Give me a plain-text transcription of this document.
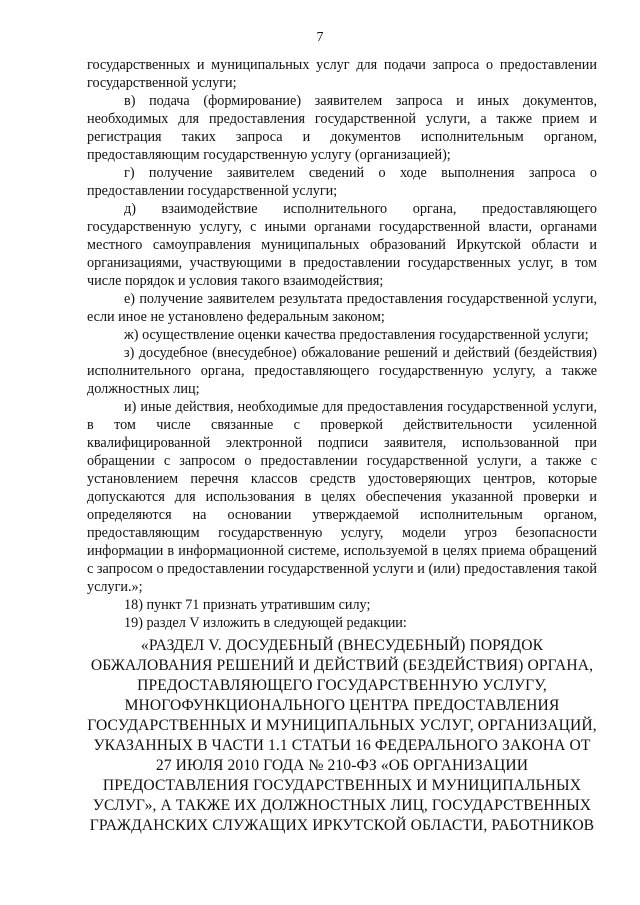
7

государственных и муниципальных услуг для подачи запроса о предоставлении государственной услуги;

в) подача (формирование) заявителем запроса и иных документов, необходимых для предоставления государственной услуги, а также прием и регистрация таких запроса и документов исполнительным органом, предоставляющим государственную услугу (организацией);

г) получение заявителем сведений о ходе выполнения запроса о предоставлении государственной услуги;

д) взаимодействие исполнительного органа, предоставляющего государственную услугу, с иными органами государственной власти, органами местного самоуправления муниципальных образований Иркутской области и организациями, участвующими в предоставлении государственных услуг, в том числе порядок и условия такого взаимодействия;

е) получение заявителем результата предоставления государственной услуги, если иное не установлено федеральным законом;

ж) осуществление оценки качества предоставления государственной услуги;

з) досудебное (внесудебное) обжалование решений и действий (бездействия) исполнительного органа, предоставляющего государственную услугу, а также должностных лиц;

и) иные действия, необходимые для предоставления государственной услуги, в том числе связанные с проверкой действительности усиленной квалифицированной электронной подписи заявителя, использованной при обращении с запросом о предоставлении государственной услуги, а также с установлением перечня классов средств удостоверяющих центров, которые допускаются для использования в целях обеспечения указанной проверки и определяются на основании утверждаемой исполнительным органом, предоставляющим государственную услугу, модели угроз безопасности информации в информационной системе, используемой в целях приема обращений с запросом о предоставлении государственной услуги и (или) предоставления такой услуги.»;

18) пункт 71 признать утратившим силу;

19) раздел V изложить в следующей редакции:

«РАЗДЕЛ V. ДОСУДЕБНЫЙ (ВНЕСУДЕБНЫЙ) ПОРЯДОК ОБЖАЛОВАНИЯ РЕШЕНИЙ И ДЕЙСТВИЙ (БЕЗДЕЙСТВИЯ) ОРГАНА, ПРЕДОСТАВЛЯЮЩЕГО ГОСУДАРСТВЕННУЮ УСЛУГУ, МНОГОФУНКЦИОНАЛЬНОГО ЦЕНТРА ПРЕДОСТАВЛЕНИЯ ГОСУДАРСТВЕННЫХ И МУНИЦИПАЛЬНЫХ УСЛУГ, ОРГАНИЗАЦИЙ, УКАЗАННЫХ В ЧАСТИ 1.1 СТАТЬИ 16 ФЕДЕРАЛЬНОГО ЗАКОНА ОТ 27 ИЮЛЯ 2010 ГОДА № 210-ФЗ «ОБ ОРГАНИЗАЦИИ ПРЕДОСТАВЛЕНИЯ ГОСУДАРСТВЕННЫХ И МУНИЦИПАЛЬНЫХ УСЛУГ», А ТАКЖЕ ИХ ДОЛЖНОСТНЫХ ЛИЦ, ГОСУДАРСТВЕННЫХ ГРАЖДАНСКИХ СЛУЖАЩИХ ИРКУТСКОЙ ОБЛАСТИ, РАБОТНИКОВ
